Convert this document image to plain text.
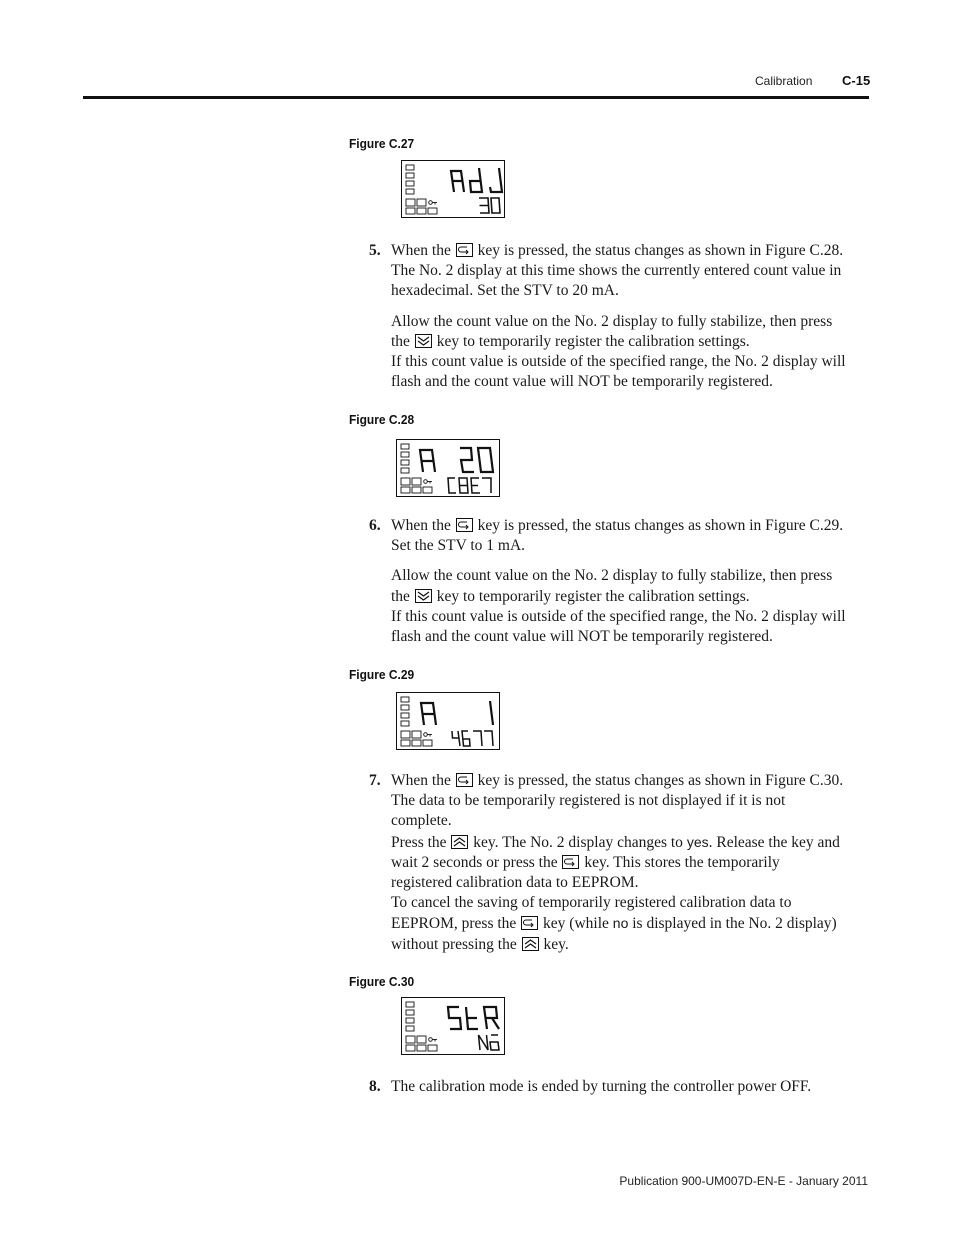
Calibration C-15
Figure C.27
5. When the key is pressed, the status changes as shown in Figure C.28.
The No. 2 display at this time shows the currently entered count value in
hexadecimal. Set the STV to 20 mA.

Allow the count value on the No. 2 display to fully stabilize, then press
the key to temporarily register the calibration settings.
If this count value is outside of the specified range, the No. 2 display will
flash and the count value will NOT be temporarily registered.

Figure C.28
6. When the key is pressed, the status changes as shown in Figure C.29.
Set the STV to 1 mA.

Allow the count value on the No. 2 display to fully stabilize, then press
the key to temporarily register the calibration settings.
If this count value is outside of the specified range, the No. 2 display will
flash and the count value will NOT be temporarily registered.

Figure C.29
7. When the key is pressed, the status changes as shown in Figure C.30.
The data to be temporarily registered is not displayed if it is not
complete.
Press the key. The No. 2 display changes to yes. Release the key and
wait 2 seconds or press the key. This stores the temporarily
registered calibration data to EEPROM.
To cancel the saving of temporarily registered calibration data to
EEPROM, press the key (while no is displayed in the No. 2 display)
without pressing the key.

Figure C.30
8. The calibration mode is ended by turning the controller power OFF.

Publication 900-UM007D-EN-E - January 2011
